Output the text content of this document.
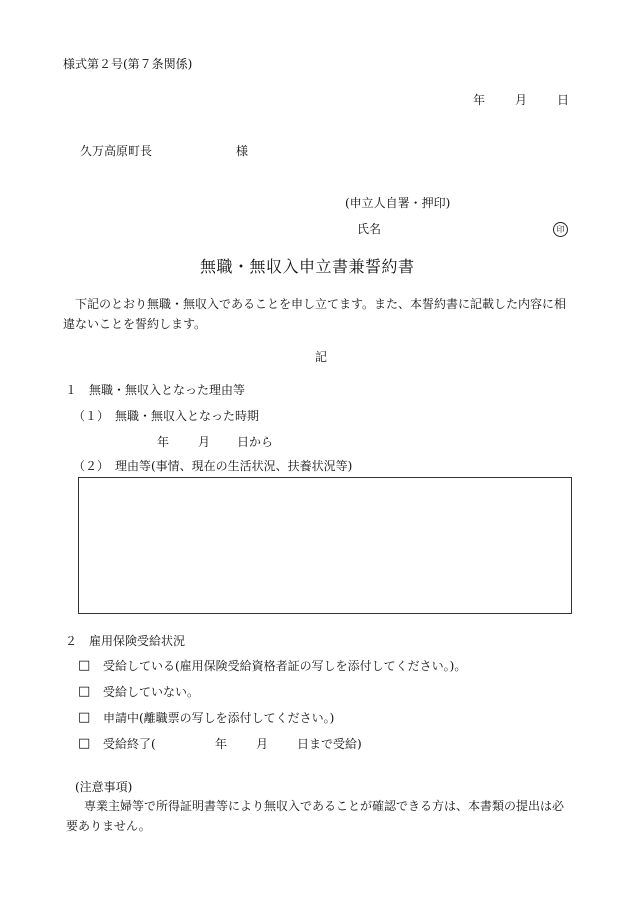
様式第２号(第７条関係)
年 月 日
久万高原町長	様
(申立人自署・押印)
氏名	印
無職・無収入申立書兼誓約書
下記のとおり無職・無収入であることを申し立てます。また、本誓約書に記載した内容に相違ないことを誓約します。
記
１　無職・無収入となった理由等
（１）　無職・無収入となった時期
年 月 日から
（２）　理由等(事情、現在の生活状況、扶養状況等)
２　雇用保険受給状況
□ 受給している(雇用保険受給資格者証の写しを添付してください。)。
□ 受給していない。
□ 申請中(離職票の写しを添付してください。)
□ 受給終了(	年 月 日まで受給)
(注意事項)
専業主婦等で所得証明書等により無収入であることが確認できる方は、本書類の提出は必要ありません。
